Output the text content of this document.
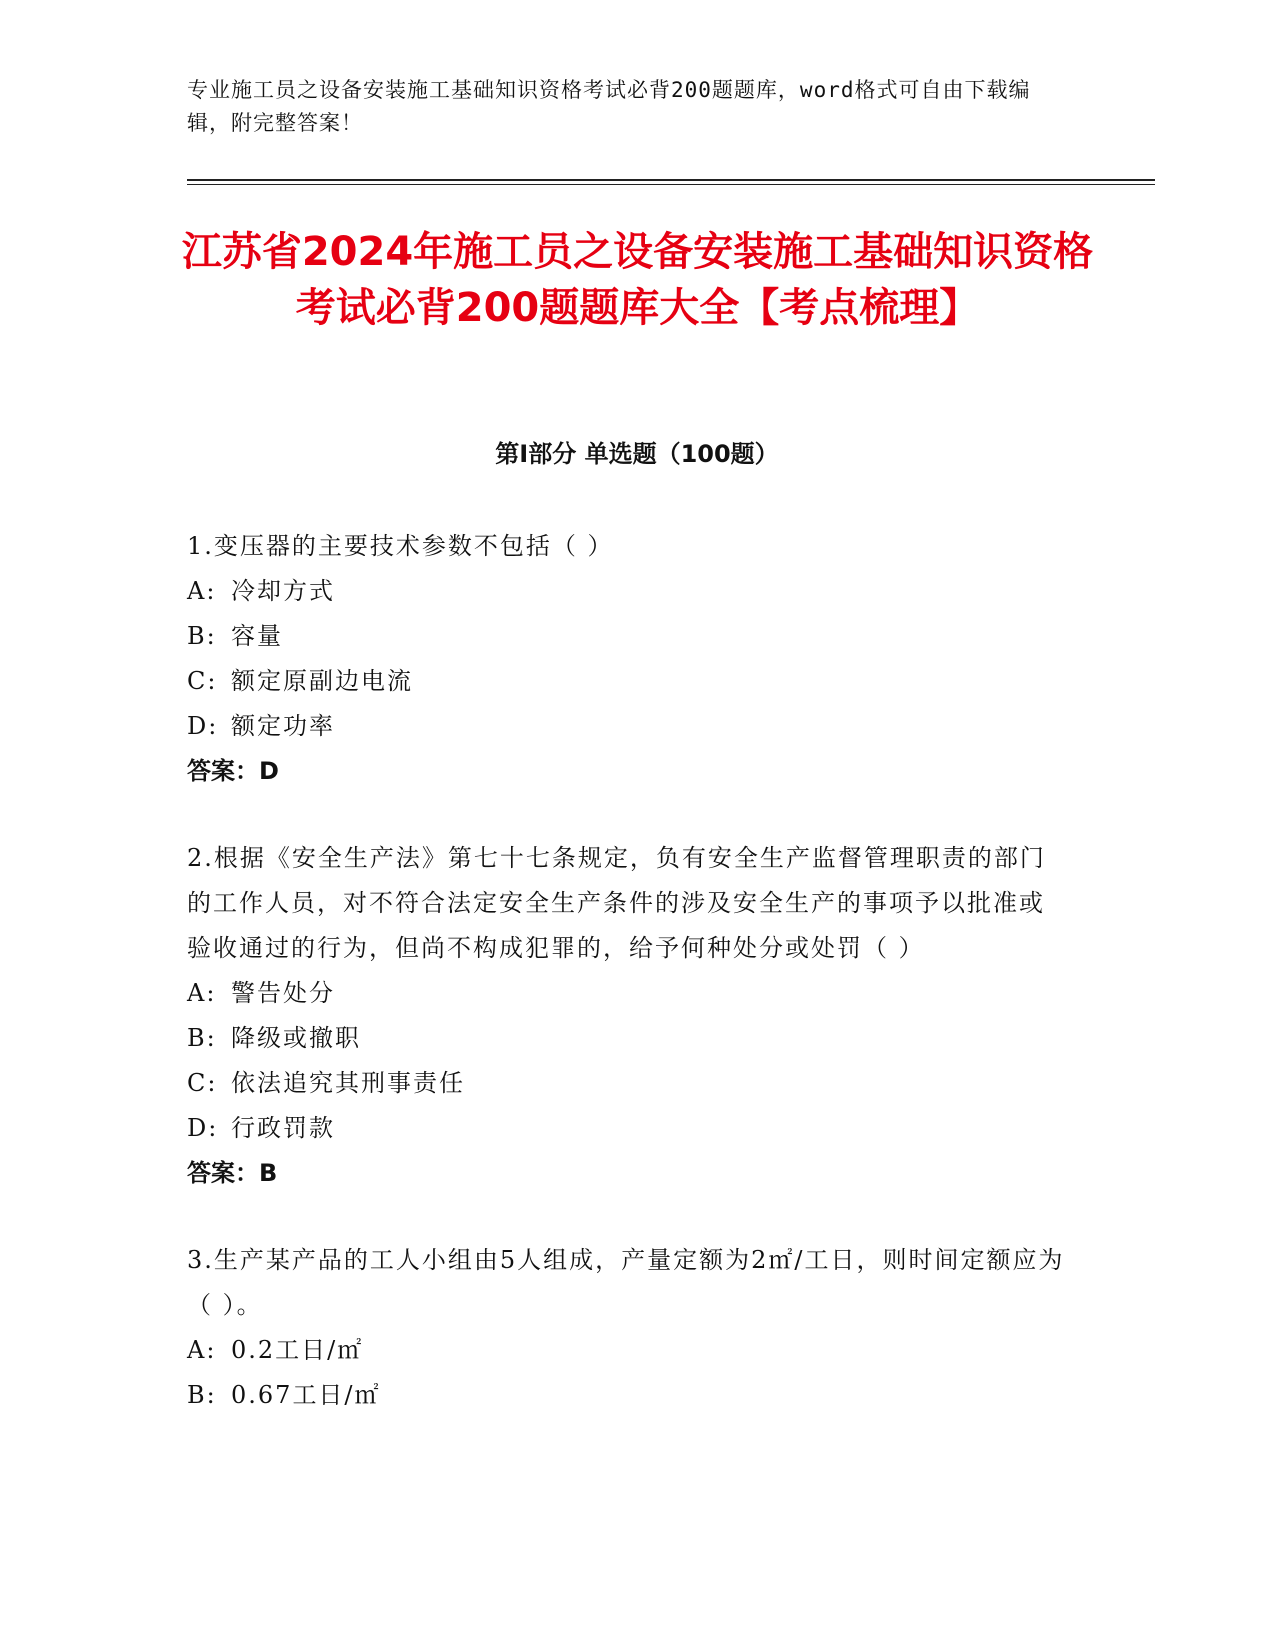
专业施工员之设备安装施工基础知识资格考试必背200题题库，word格式可自由下载编辑，附完整答案！
江苏省2024年施工员之设备安装施工基础知识资格考试必背200题题库大全【考点梳理】
第Ⅰ部分 单选题（100题）
1.变压器的主要技术参数不包括（ ）
A: 冷却方式
B: 容量
C: 额定原副边电流
D: 额定功率
答案：D
2.根据《安全生产法》第七十七条规定，负有安全生产监督管理职责的部门的工作人员，对不符合法定安全生产条件的涉及安全生产的事项予以批准或验收通过的行为，但尚不构成犯罪的，给予何种处分或处罚（ ）
A: 警告处分
B: 降级或撤职
C: 依法追究其刑事责任
D: 行政罚款
答案：B
3.生产某产品的工人小组由5人组成，产量定额为2㎡/工日，则时间定额应为（ ）。
A: 0.2工日/㎡
B: 0.67工日/㎡
